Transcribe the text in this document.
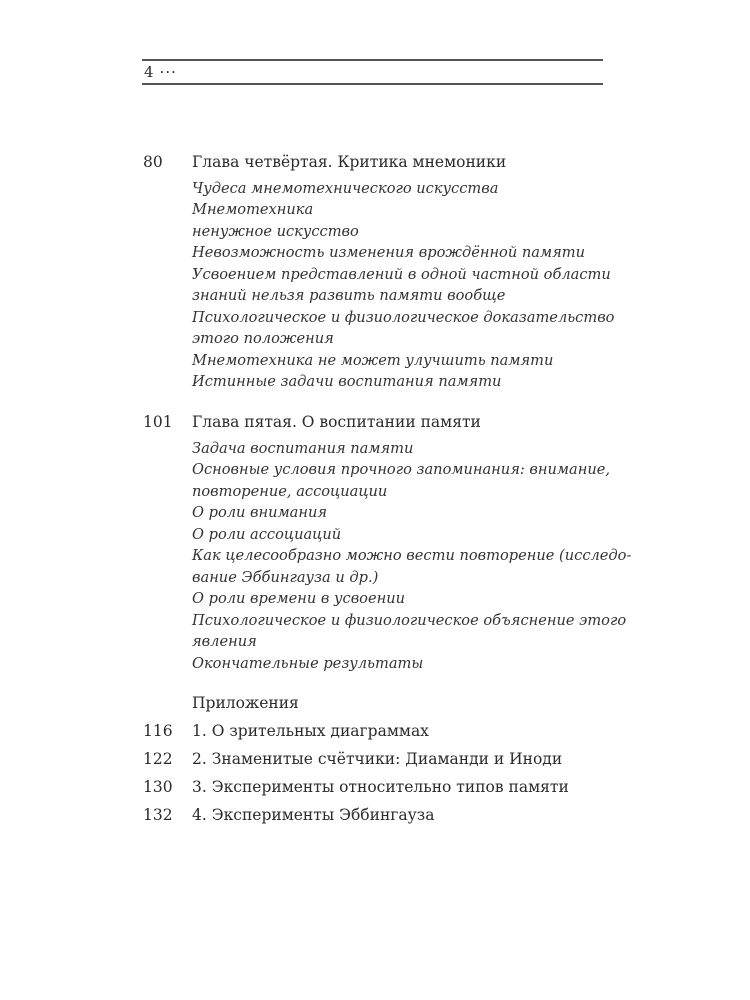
4 ···
80	Глава четвёртая. Критика мнемоники
Чудеса мнемотехнического искусства
Мнемотехника
ненужное искусство
Невозможность изменения врождённой памяти
Усвоением представлений в одной частной области
знаний нельзя развить памяти вообще
Психологическое и физиологическое доказательство
этого положения
Мнемотехника не может улучшить памяти
Истинные задачи воспитания памяти
101	Глава пятая. О воспитании памяти
Задача воспитания памяти
Основные условия прочного запоминания: внимание,
повторение, ассоциации
О роли внимания
О роли ассоциаций
Как целесообразно можно вести повторение (исследо-
вание Эббингауза и др.)
О роли времени в усвоении
Психологическое и физиологическое объяснение этого
явления
Окончательные результаты
Приложения
116	1. О зрительных диаграммах
122	2. Знаменитые счётчики: Диаманди и Иноди
130	3. Эксперименты относительно типов памяти
132	4. Эксперименты Эббингауза
